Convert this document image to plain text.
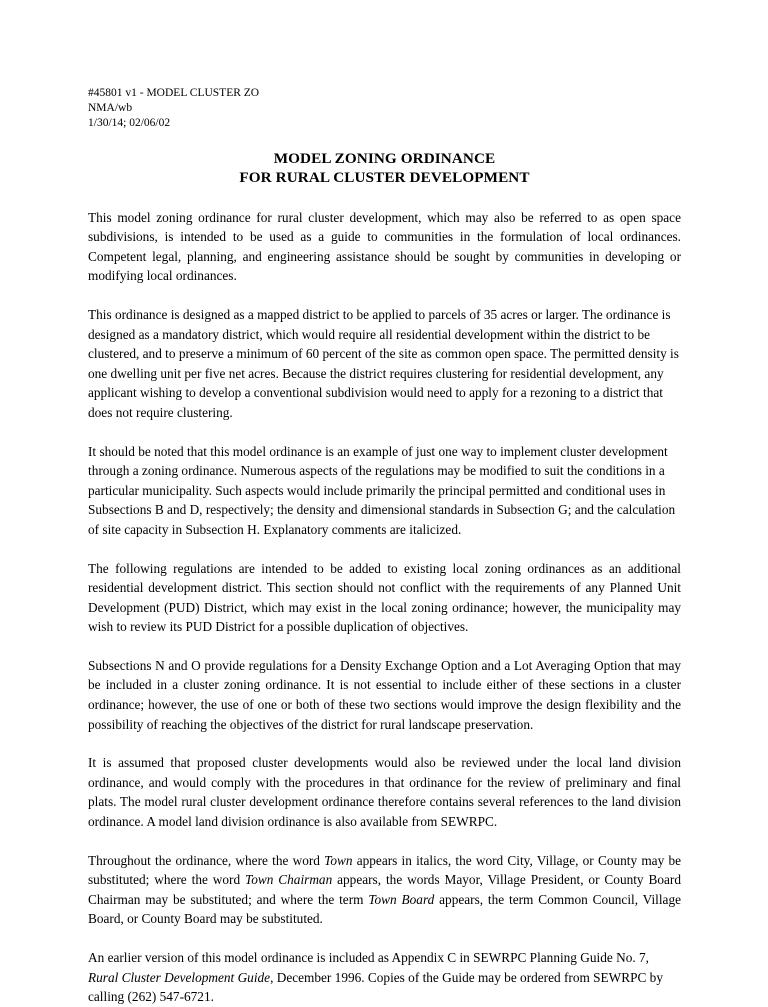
#45801 v1 - MODEL CLUSTER ZO
NMA/wb
1/30/14; 02/06/02
MODEL ZONING ORDINANCE
FOR RURAL CLUSTER DEVELOPMENT

This model zoning ordinance for rural cluster development, which may also be referred to as open space subdivisions, is intended to be used as a guide to communities in the formulation of local ordinances. Competent legal, planning, and engineering assistance should be sought by communities in developing or modifying local ordinances.

This ordinance is designed as a mapped district to be applied to parcels of 35 acres or larger. The ordinance is designed as a mandatory district, which would require all residential development within the district to be clustered, and to preserve a minimum of 60 percent of the site as common open space. The permitted density is one dwelling unit per five net acres. Because the district requires clustering for residential development, any applicant wishing to develop a conventional subdivision would need to apply for a rezoning to a district that does not require clustering.

It should be noted that this model ordinance is an example of just one way to implement cluster development through a zoning ordinance. Numerous aspects of the regulations may be modified to suit the conditions in a particular municipality. Such aspects would include primarily the principal permitted and conditional uses in Subsections B and D, respectively; the density and dimensional standards in Subsection G; and the calculation of site capacity in Subsection H. Explanatory comments are italicized.

The following regulations are intended to be added to existing local zoning ordinances as an additional residential development district. This section should not conflict with the requirements of any Planned Unit Development (PUD) District, which may exist in the local zoning ordinance; however, the municipality may wish to review its PUD District for a possible duplication of objectives.

Subsections N and O provide regulations for a Density Exchange Option and a Lot Averaging Option that may be included in a cluster zoning ordinance. It is not essential to include either of these sections in a cluster ordinance; however, the use of one or both of these two sections would improve the design flexibility and the possibility of reaching the objectives of the district for rural landscape preservation.

It is assumed that proposed cluster developments would also be reviewed under the local land division ordinance, and would comply with the procedures in that ordinance for the review of preliminary and final plats. The model rural cluster development ordinance therefore contains several references to the land division ordinance. A model land division ordinance is also available from SEWRPC.

Throughout the ordinance, where the word Town appears in italics, the word City, Village, or County may be substituted; where the word Town Chairman appears, the words Mayor, Village President, or County Board Chairman may be substituted; and where the term Town Board appears, the term Common Council, Village Board, or County Board may be substituted.

An earlier version of this model ordinance is included as Appendix C in SEWRPC Planning Guide No. 7, Rural Cluster Development Guide, December 1996. Copies of the Guide may be ordered from SEWRPC by calling (262) 547-6721.
